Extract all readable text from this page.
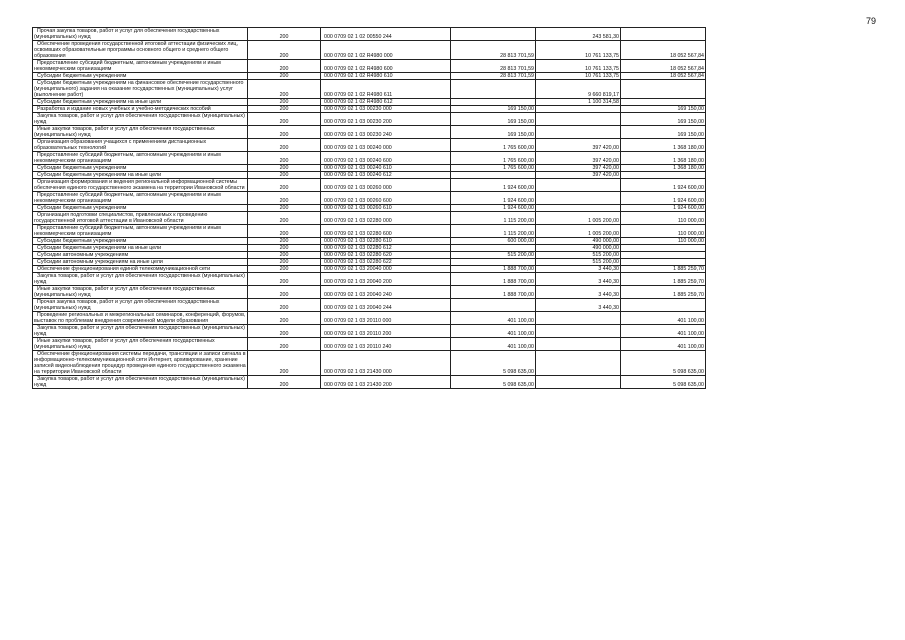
79
Прочая закупка товаров, работ и услуг для обеспечения государственных (муниципальных) нужд	200	000 0709 02 1 02 00550 244		243 581,30	
Обеспечение проведения государственной итоговой аттестации физических лиц, освоивших образовательные программы основного общего и среднего общего образования	200	000 0709 02 1 02 R4980 000	28 813 701,59	10 761 133,75	18 052 567,84
Предоставление субсидий бюджетным, автономным учреждениям и иным некоммерческим организациям	200	000 0709 02 1 02 R4980 600	28 813 701,59	10 761 133,75	18 052 567,84
Субсидии бюджетным учреждениям	200	000 0709 02 1 02 R4980 610	28 813 701,59	10 761 133,75	18 052 567,84
Субсидии бюджетным учреждениям на финансовое обеспечение государственного (муниципального) задания на оказание государственных (муниципальных) услуг (выполнение работ)	200	000 0709 02 1 02 R4980 611		9 660 819,17	
Субсидии бюджетным учреждениям на иные цели	200	000 0709 02 1 02 R4980 612		1 100 314,58	
Разработка и издание новых учебных и учебно-методических пособий	200	000 0709 02 1 03 00230 000	169 150,00		169 150,00
Закупка товаров, работ и услуг для обеспечения государственных (муниципальных) нужд	200	000 0709 02 1 03 00230 200	169 150,00		169 150,00
Иные закупки товаров, работ и услуг для обеспечения государственных (муниципальных) нужд	200	000 0709 02 1 03 00230 240	169 150,00		169 150,00
Организация образования учащихся с применением дистанционных образовательных технологий	200	000 0709 02 1 03 00240 000	1 765 600,00	397 420,00	1 368 180,00
Предоставление субсидий бюджетным, автономным учреждениям и иным некоммерческим организациям	200	000 0709 02 1 03 00240 600	1 765 600,00	397 420,00	1 368 180,00
Субсидии бюджетным учреждениям	200	000 0709 02 1 03 00240 610	1 765 600,00	397 420,00	1 368 180,00
Субсидии бюджетным учреждениям на иные цели	200	000 0709 02 1 03 00240 612		397 420,00	
Организация формирования и ведения региональной информационной системы обеспечения единого государственного экзамена на территории Ивановской области	200	000 0709 02 1 03 00260 000	1 924 600,00		1 924 600,00
Предоставление субсидий бюджетным, автономным учреждениям и иным некоммерческим организациям	200	000 0709 02 1 03 00260 600	1 924 600,00		1 924 600,00
Субсидии бюджетным учреждениям	200	000 0709 02 1 03 00260 610	1 924 600,00		1 924 600,00
Организация подготовки специалистов, привлекаемых к проведению государственной итоговой аттестации в Ивановской области	200	000 0709 02 1 03 02280 000	1 115 200,00	1 005 200,00	110 000,00
Предоставление субсидий бюджетным, автономным учреждениям и иным некоммерческим организациям	200	000 0709 02 1 03 02280 600	1 115 200,00	1 005 200,00	110 000,00
Субсидии бюджетным учреждениям	200	000 0709 02 1 03 02280 610	600 000,00	490 000,00	110 000,00
Субсидии бюджетным учреждениям на иные цели	200	000 0709 02 1 03 02280 612		490 000,00	
Субсидии автономным учреждениям	200	000 0709 02 1 03 02280 620	515 200,00	515 200,00	
Субсидии автономным учреждениям на иные цели	200	000 0709 02 1 03 02280 622		515 200,00	
Обеспечение функционирования единой телекоммуникационной сети	200	000 0709 02 1 03 20040 000	1 888 700,00	3 440,30	1 885 259,70
Закупка товаров, работ и услуг для обеспечения государственных (муниципальных) нужд	200	000 0709 02 1 03 20040 200	1 888 700,00	3 440,30	1 885 259,70
Иные закупки товаров, работ и услуг для обеспечения государственных (муниципальных) нужд	200	000 0709 02 1 03 20040 240	1 888 700,00	3 440,30	1 885 259,70
Прочая закупка товаров, работ и услуг для обеспечения государственных (муниципальных) нужд	200	000 0709 02 1 03 20040 244		3 440,30	
Проведение региональных и межрегиональных семинаров, конференций, форумов, выставок по проблемам внедрения современной модели образования	200	000 0709 02 1 03 20110 000	401 100,00		401 100,00
Закупка товаров, работ и услуг для обеспечения государственных (муниципальных) нужд	200	000 0709 02 1 03 20110 200	401 100,00		401 100,00
Иные закупки товаров, работ и услуг для обеспечения государственных (муниципальных) нужд	200	000 0709 02 1 03 20110 240	401 100,00		401 100,00
Обеспечение функционирования системы передачи, трансляции и записи сигнала в информационно-телекоммуникационной сети Интернет, архивирование, хранение записей видеонаблюдения процедур проведения единого государственного экзамена на территории Ивановской области	200	000 0709 02 1 03 21430 000	5 098 635,00		5 098 635,00
Закупка товаров, работ и услуг для обеспечения государственных (муниципальных) нужд	200	000 0709 02 1 03 21430 200	5 098 635,00		5 098 635,00
